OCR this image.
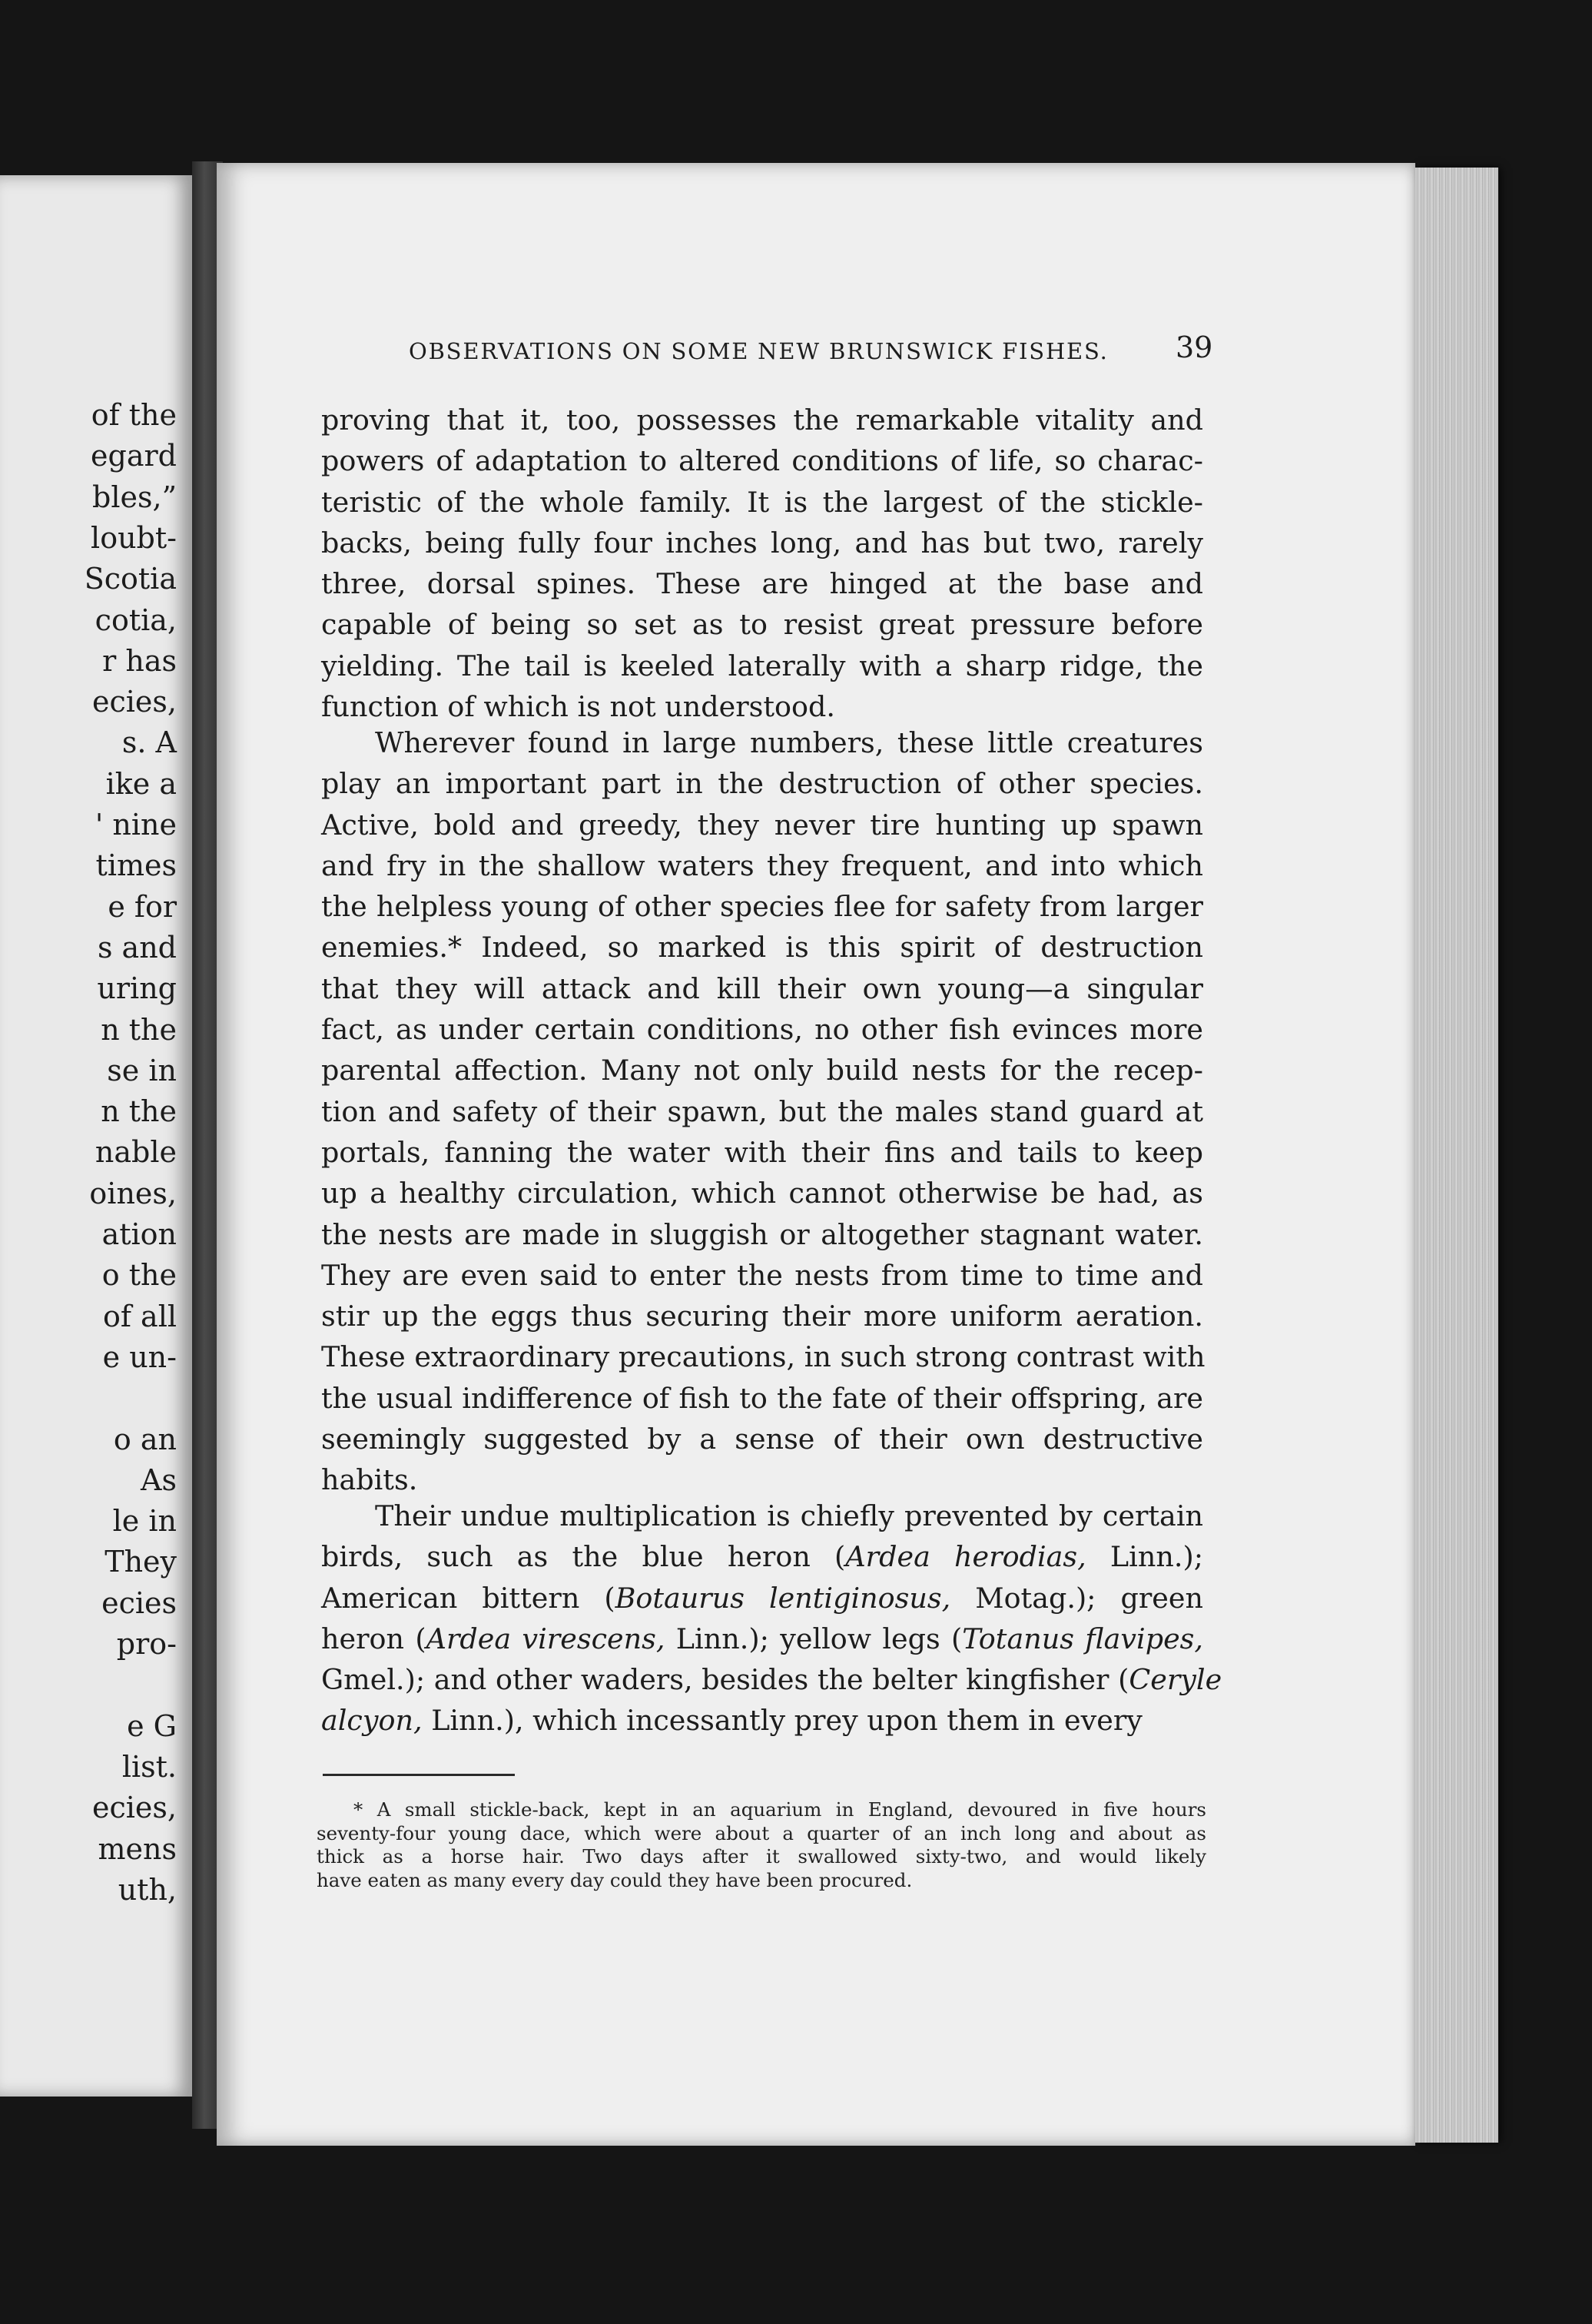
of the
egard
bles,”
loubt-
Scotia
cotia,
r has
ecies,
s. A
ike a
' nine
times
e for
s and
uring
n the
se in
n the
nable
oines,
ation
o the
of all
e un-
o an
As
le in
They
ecies
pro-
e G
list.
ecies,
mens
uth,
OBSERVATIONS ON SOME NEW BRUNSWICK FISHES.	39
proving that it, too, possesses the remarkable vitality and
powers of adaptation to altered conditions of life, so charac-
teristic of the whole family. It is the largest of the stickle-
backs, being fully four inches long, and has but two, rarely
three, dorsal spines. These are hinged at the base and
capable of being so set as to resist great pressure before
yielding. The tail is keeled laterally with a sharp ridge, the
function of which is not understood.
Wherever found in large numbers, these little creatures
play an important part in the destruction of other species.
Active, bold and greedy, they never tire hunting up spawn
and fry in the shallow waters they frequent, and into which
the helpless young of other species flee for safety from larger
enemies.* Indeed, so marked is this spirit of destruction
that they will attack and kill their own young—a singular
fact, as under certain conditions, no other fish evinces more
parental affection. Many not only build nests for the recep-
tion and safety of their spawn, but the males stand guard at
portals, fanning the water with their fins and tails to keep
up a healthy circulation, which cannot otherwise be had, as
the nests are made in sluggish or altogether stagnant water.
They are even said to enter the nests from time to time and
stir up the eggs thus securing their more uniform aeration.
These extraordinary precautions, in such strong contrast with
the usual indifference of fish to the fate of their offspring, are
seemingly suggested by a sense of their own destructive
habits.
Their undue multiplication is chiefly prevented by certain
birds, such as the blue heron (Ardea herodias, Linn.);
American bittern (Botaurus lentiginosus, Motag.); green
heron (Ardea virescens, Linn.); yellow legs (Totanus flavipes,
Gmel.); and other waders, besides the belter kingfisher (Ceryle
alcyon, Linn.), which incessantly prey upon them in every
* A small stickle-back, kept in an aquarium in England, devoured in five hours
seventy-four young dace, which were about a quarter of an inch long and about as
thick as a horse hair. Two days after it swallowed sixty-two, and would likely
have eaten as many every day could they have been procured.
